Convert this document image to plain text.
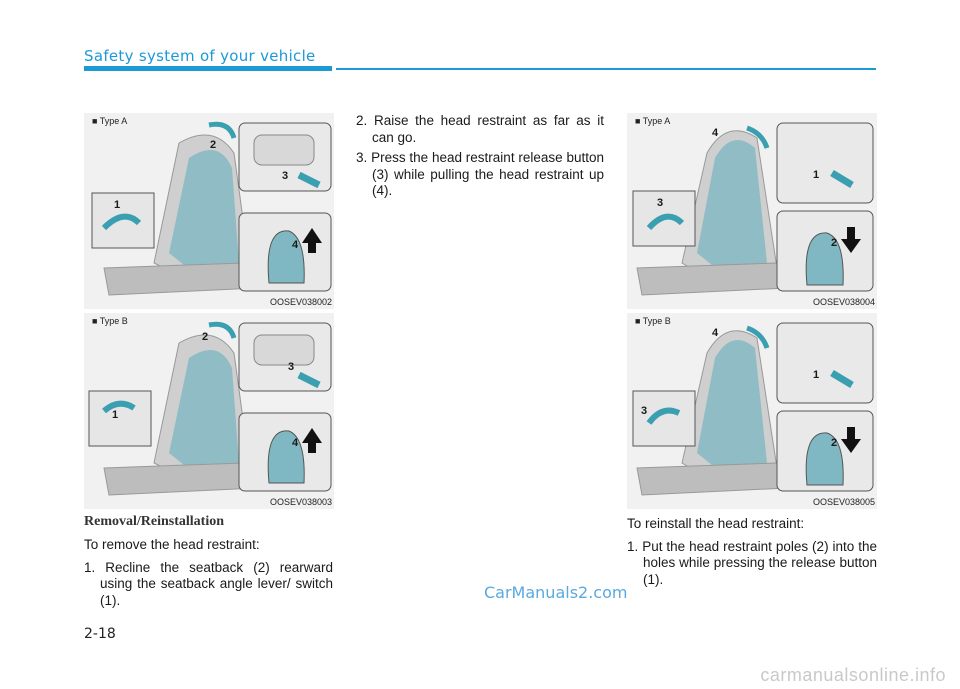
Safety system of your vehicle
■ Type A
1
2
3
4
OOSEV038002
■ Type B
1
2
3
4
OOSEV038003
■ Type A
4
3
1
2
OOSEV038004
■ Type B
4
3
1
2
OOSEV038005
Removal/Reinstallation
To remove the head restraint:
1. Recline the seatback (2) rearward using the seatback angle lever/ switch (1).
2. Raise the head restraint as far as it can go.
3. Press the head restraint release button (3) while pulling the head restraint up (4).
To reinstall the head restraint:
1. Put the head restraint poles (2) into the holes while pressing the release button (1).
CarManuals2.com
2-18
carmanualsonline.info
